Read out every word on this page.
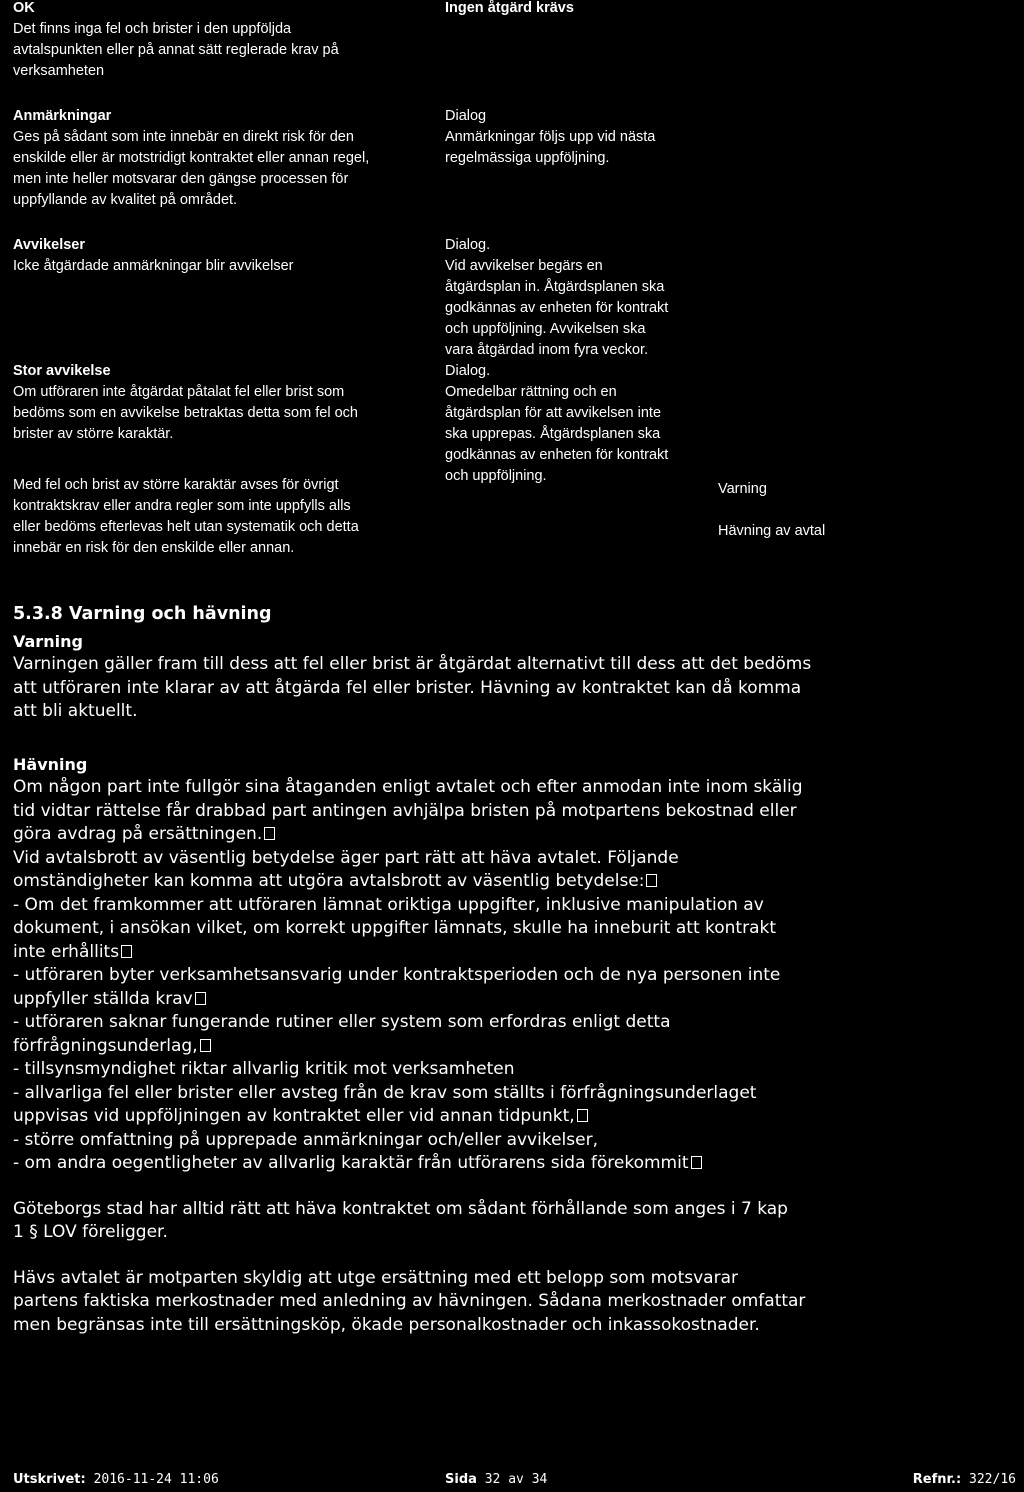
OK
Det finns inga fel och brister i den uppföljda
avtalspunkten eller på annat sätt reglerade krav på
verksamheten
Ingen åtgärd krävs
Anmärkningar
Ges på sådant som inte innebär en direkt risk för den
enskilde eller är motstridigt kontraktet eller annan regel,
men inte heller motsvarar den gängse processen för
uppfyllande av kvalitet på området.
Dialog
Anmärkningar följs upp vid nästa
regelmässiga uppföljning.
Avvikelser
Icke åtgärdade anmärkningar blir avvikelser
Dialog.
Vid avvikelser begärs en
åtgärdsplan in. Åtgärdsplanen ska
godkännas av enheten för kontrakt
och uppföljning. Avvikelsen ska
vara åtgärdad inom fyra veckor.
Stor avvikelse
Om utföraren inte åtgärdat påtalat fel eller brist som
bedöms som en avvikelse betraktas detta som fel och
brister av större karaktär.
Dialog.
Omedelbar rättning och en
åtgärdsplan för att avvikelsen inte
ska upprepas. Åtgärdsplanen ska
godkännas av enheten för kontrakt
och uppföljning.
Med fel och brist av större karaktär avses för övrigt
kontraktskrav eller andra regler som inte uppfylls alls
eller bedöms efterlevas helt utan systematik och detta
innebär en risk för den enskilde eller annan.
Varning
Hävning av avtal
5.3.8 Varning och hävning
Varning
Varningen gäller fram till dess att fel eller brist är åtgärdat alternativt till dess att det bedöms
att utföraren inte klarar av att åtgärda fel eller brister. Hävning av kontraktet kan då komma
att bli aktuellt.
Hävning
Om någon part inte fullgör sina åtaganden enligt avtalet och efter anmodan inte inom skälig
tid vidtar rättelse får drabbad part antingen avhjälpa bristen på motpartens bekostnad eller
göra avdrag på ersättningen.
Vid avtalsbrott av väsentlig betydelse äger part rätt att häva avtalet. Följande
omständigheter kan komma att utgöra avtalsbrott av väsentlig betydelse:
- Om det framkommer att utföraren lämnat oriktiga uppgifter, inklusive manipulation av
dokument, i ansökan vilket, om korrekt uppgifter lämnats, skulle ha inneburit att kontrakt
inte erhållits
- utföraren byter verksamhetsansvarig under kontraktsperioden och de nya personen inte
uppfyller ställda krav
- utföraren saknar fungerande rutiner eller system som erfordras enligt detta
förfrågningsunderlag,
- tillsynsmyndighet riktar allvarlig kritik mot verksamheten
- allvarliga fel eller brister eller avsteg från de krav som ställts i förfrågningsunderlaget
uppvisas vid uppföljningen av kontraktet eller vid annan tidpunkt,
- större omfattning på upprepade anmärkningar och/eller avvikelser,
- om andra oegentligheter av allvarlig karaktär från utförarens sida förekommit
Göteborgs stad har alltid rätt att häva kontraktet om sådant förhållande som anges i 7 kap
1 § LOV föreligger.
Hävs avtalet är motparten skyldig att utge ersättning med ett belopp som motsvarar
partens faktiska merkostnader med anledning av hävningen. Sådana merkostnader omfattar
men begränsas inte till ersättningsköp, ökade personalkostnader och inkassokostnader.
Utskrivet: 2016-11-24 11:06	Sida 32 av 34	Refnr.: 322/16
